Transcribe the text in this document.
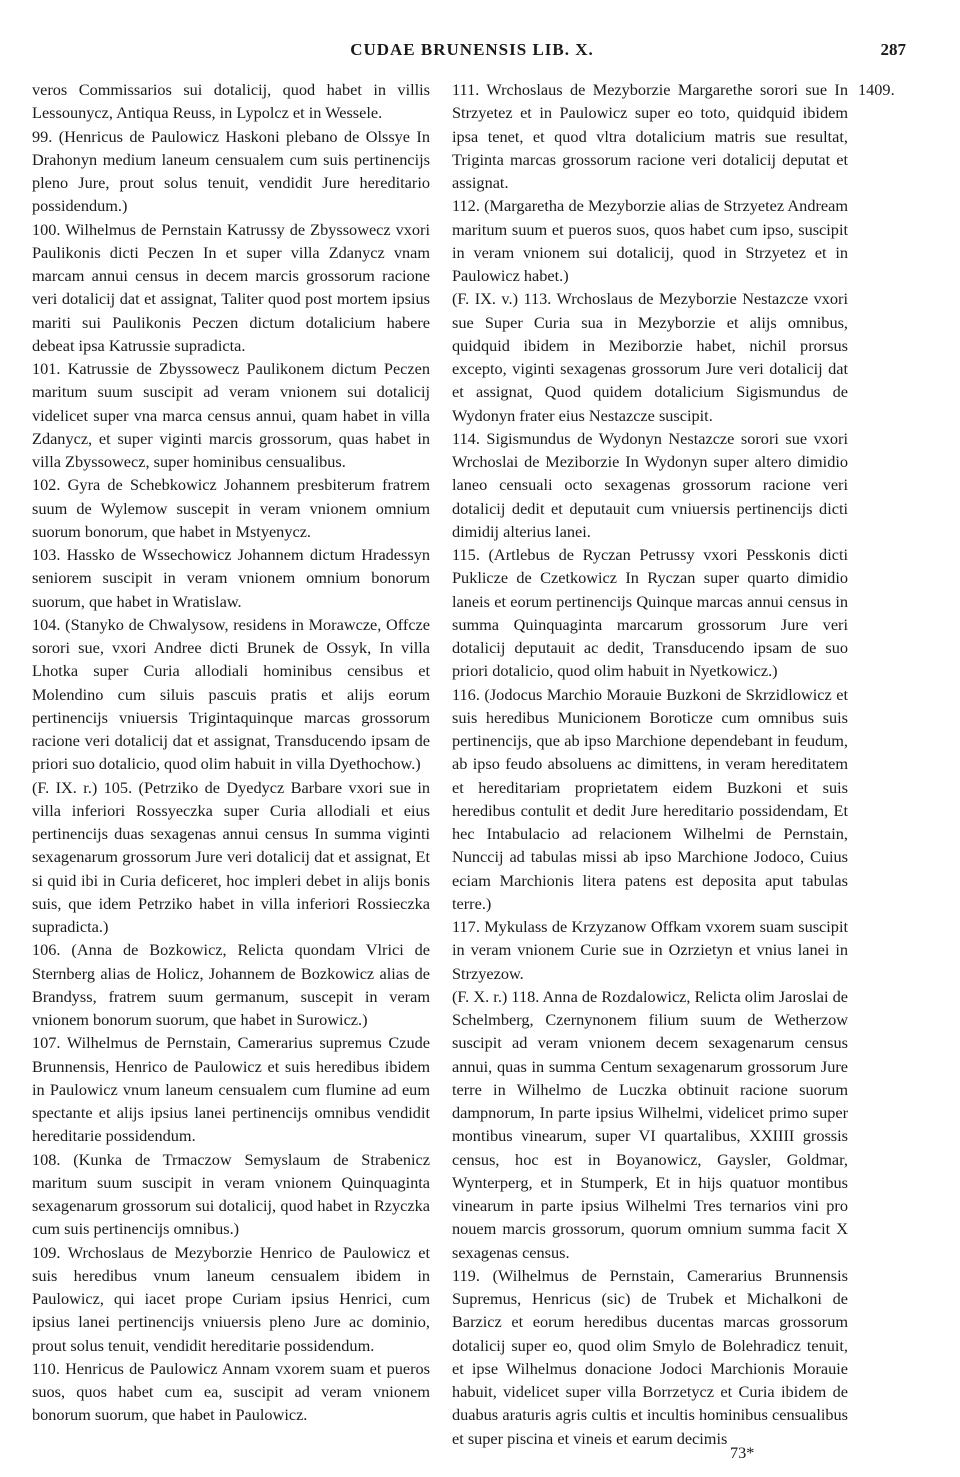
CUDAE BRUNENSIS LIB. X.	287

veros Commissarios sui dotalicij, quod habet in villis Lessounycz, Antiqua Reuss, in Lypolcz et in Wessele.

99. (Henricus de Paulowicz Haskoni plebano de Olssye In Drahonyn medium laneum censualem cum suis pertinencijs pleno Jure, prout solus tenuit, vendidit Jure hereditario possidendum.)

100. Wilhelmus de Pernstain Katrussy de Zbyssowecz vxori Paulikonis dicti Peczen In et super villa Zdanycz vnam marcam annui census in decem marcis grossorum racione veri dotalicij dat et assignat, Taliter quod post mortem ipsius mariti sui Paulikonis Peczen dictum dotalicium habere debeat ipsa Katrussie supradicta.

101. Katrussie de Zbyssowecz Paulikonem dictum Peczen maritum suum suscipit ad veram vnionem sui dotalicij videlicet super vna marca census annui, quam habet in villa Zdanycz, et super viginti marcis grossorum, quas habet in villa Zbyssowecz, super hominibus censualibus.

102. Gyra de Schebkowicz Johannem presbiterum fratrem suum de Wylemow suscepit in veram vnionem omnium suorum bonorum, que habet in Mstyenycz.

103. Hassko de Wssechowicz Johannem dictum Hradessyn seniorem suscipit in veram vnionem omnium bonorum suorum, que habet in Wratislaw.

104. (Stanyko de Chwalysow, residens in Morawcze, Offcze sorori sue, vxori Andree dicti Brunek de Ossyk, In villa Lhotka super Curia allodiali hominibus censibus et Molendino cum siluis pascuis pratis et alijs eorum pertinencijs vniuersis Trigintaquinque marcas grossorum racione veri dotalicij dat et assignat, Transducendo ipsam de priori suo dotalicio, quod olim habuit in villa Dyethochow.)

(F. IX. r.) 105. (Petrziko de Dyedycz Barbare vxori sue in villa inferiori Rossyeczka super Curia allodiali et eius pertinencijs duas sexagenas annui census In summa viginti sexagenarum grossorum Jure veri dotalicij dat et assignat, Et si quid ibi in Curia deficeret, hoc impleri debet in alijs bonis suis, que idem Petrziko habet in villa inferiori Rossieczka supradicta.)

106. (Anna de Bozkowicz, Relicta quondam Vlrici de Sternberg alias de Holicz, Johannem de Bozkowicz alias de Brandyss, fratrem suum germanum, suscepit in veram vnionem bonorum suorum, que habet in Surowicz.)

107. Wilhelmus de Pernstain, Camerarius supremus Czude Brunnensis, Henrico de Paulowicz et suis heredibus ibidem in Paulowicz vnum laneum censualem cum flumine ad eum spectante et alijs ipsius lanei pertinencijs omnibus vendidit hereditarie possidendum.

108. (Kunka de Trmaczow Semyslaum de Strabenicz maritum suum suscipit in veram vnionem Quinquaginta sexagenarum grossorum sui dotalicij, quod habet in Rzyczka cum suis pertinencijs omnibus.)

109. Wrchoslaus de Mezyborzie Henrico de Paulowicz et suis heredibus vnum laneum censualem ibidem in Paulowicz, qui iacet prope Curiam ipsius Henrici, cum ipsius lanei pertinencijs vniuersis pleno Jure ac dominio, prout solus tenuit, vendidit hereditarie possidendum.

110. Henricus de Paulowicz Annam vxorem suam et pueros suos, quos habet cum ea, suscipit ad veram vnionem bonorum suorum, que habet in Paulowicz.

111. Wrchoslaus de Mezyborzie Margarethe sorori sue In Strzyetez et in Paulowicz super eo toto, quidquid ibidem ipsa tenet, et quod vltra dotalicium matris sue resultat, Triginta marcas grossorum racione veri dotalicij deputat et assignat.

112. (Margaretha de Mezyborzie alias de Strzyetez Andream maritum suum et pueros suos, quos habet cum ipso, suscipit in veram vnionem sui dotalicij, quod in Strzyetez et in Paulowicz habet.)

(F. IX. v.) 113. Wrchoslaus de Mezyborzie Nestazcze vxori sue Super Curia sua in Mezyborzie et alijs omnibus, quidquid ibidem in Meziborzie habet, nichil prorsus excepto, viginti sexagenas grossorum Jure veri dotalicij dat et assignat, Quod quidem dotalicium Sigismundus de Wydonyn frater eius Nestazcze suscipit.

114. Sigismundus de Wydonyn Nestazcze sorori sue vxori Wrchoslai de Meziborzie In Wydonyn super altero dimidio laneo censuali octo sexagenas grossorum racione veri dotalicij dedit et deputauit cum vniuersis pertinencijs dicti dimidij alterius lanei.

115. (Artlebus de Ryczan Petrussy vxori Pesskonis dicti Puklicze de Czetkowicz In Ryczan super quarto dimidio laneis et eorum pertinencijs Quinque marcas annui census in summa Quinquaginta marcarum grossorum Jure veri dotalicij deputauit ac dedit, Transducendo ipsam de suo priori dotalicio, quod olim habuit in Nyetkowicz.)

116. (Jodocus Marchio Morauie Buzkoni de Skrzidlowicz et suis heredibus Municionem Boroticze cum omnibus suis pertinencijs, que ab ipso Marchione dependebant in feudum, ab ipso feudo absoluens ac dimittens, in veram hereditatem et hereditariam proprietatem eidem Buzkoni et suis heredibus contulit et dedit Jure hereditario possidendam, Et hec Intabulacio ad relacionem Wilhelmi de Pernstain, Nunccij ad tabulas missi ab ipso Marchione Jodoco, Cuius eciam Marchionis litera patens est deposita aput tabulas terre.)

117. Mykulass de Krzyzanow Offkam vxorem suam suscipit in veram vnionem Curie sue in Ozrzietyn et vnius lanei in Strzyezow.

(F. X. r.) 118. Anna de Rozdalowicz, Relicta olim Jaroslai de Schelmberg, Czernynonem filium suum de Wetherzow suscipit ad veram vnionem decem sexagenarum census annui, quas in summa Centum sexagenarum grossorum Jure terre in Wilhelmo de Luczka obtinuit racione suorum dampnorum, In parte ipsius Wilhelmi, videlicet primo super montibus vinearum, super VI quartalibus, XXIIII grossis census, hoc est in Boyanowicz, Gaysler, Goldmar, Wynterperg, et in Stumperk, Et in hijs quatuor montibus vinearum in parte ipsius Wilhelmi Tres ternarios vini pro nouem marcis grossorum, quorum omnium summa facit X sexagenas census.

119. (Wilhelmus de Pernstain, Camerarius Brunnensis Supremus, Henricus (sic) de Trubek et Michalkoni de Barzicz et eorum heredibus ducentas marcas grossorum dotalicij super eo, quod olim Smylo de Bolehradicz tenuit, et ipse Wilhelmus donacione Jodoci Marchionis Morauie habuit, videlicet super villa Borrzetycz et Curia ibidem de duabus araturis agris cultis et incultis hominibus censualibus et super piscina et vineis et earum decimis

1409.
73*
